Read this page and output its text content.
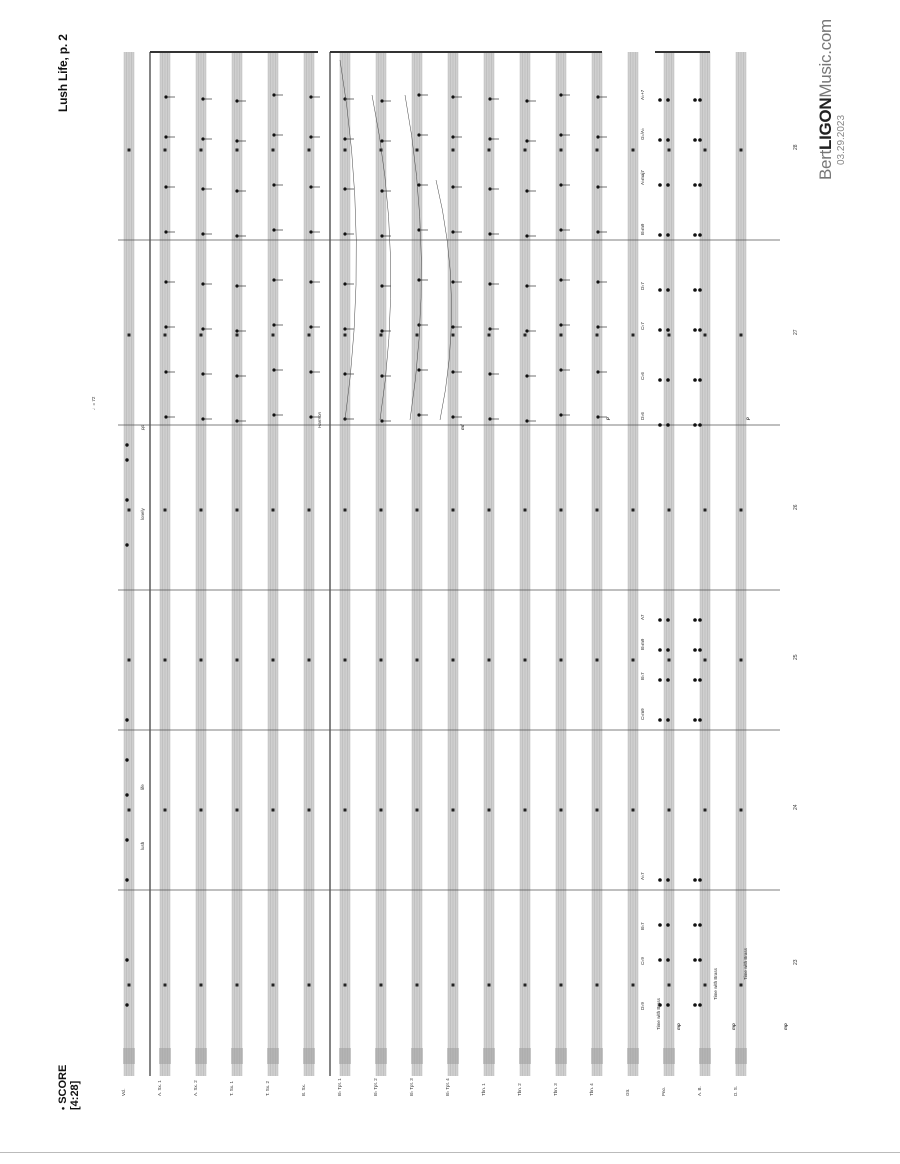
Lush Life, p. 2
• SCORE
[4:28]
BertLIGONMusic.com
03.29.2023
♩= 72
Vcl.	A. Sx. 1	A. Sx. 2	T. Sx. 1	T. Sx. 2	B. Sx.	B♭ Tpt. 1	B♭ Tpt. 2	B♭ Tpt. 3	B♭ Tpt. 4	Tbn. 1	Tbn. 2	Tbn. 3	Tbn. 4	Gtr.	Pno.	A. B.	D. S.
23
24
25
26
27
28
D♭9
C♭9
B♭7
A♭7
C♭m9
B♭7
B♭m9
A7
D♭6
C♭6
C♭7
D♭7
B♭m9
A♭maj7
G♭/A♭
A♭+7
Time with Brass
Time with Brass
Time with Brass
mp	mp	mp
p	p
mf
pp
lush
life
lonely
Harmon
